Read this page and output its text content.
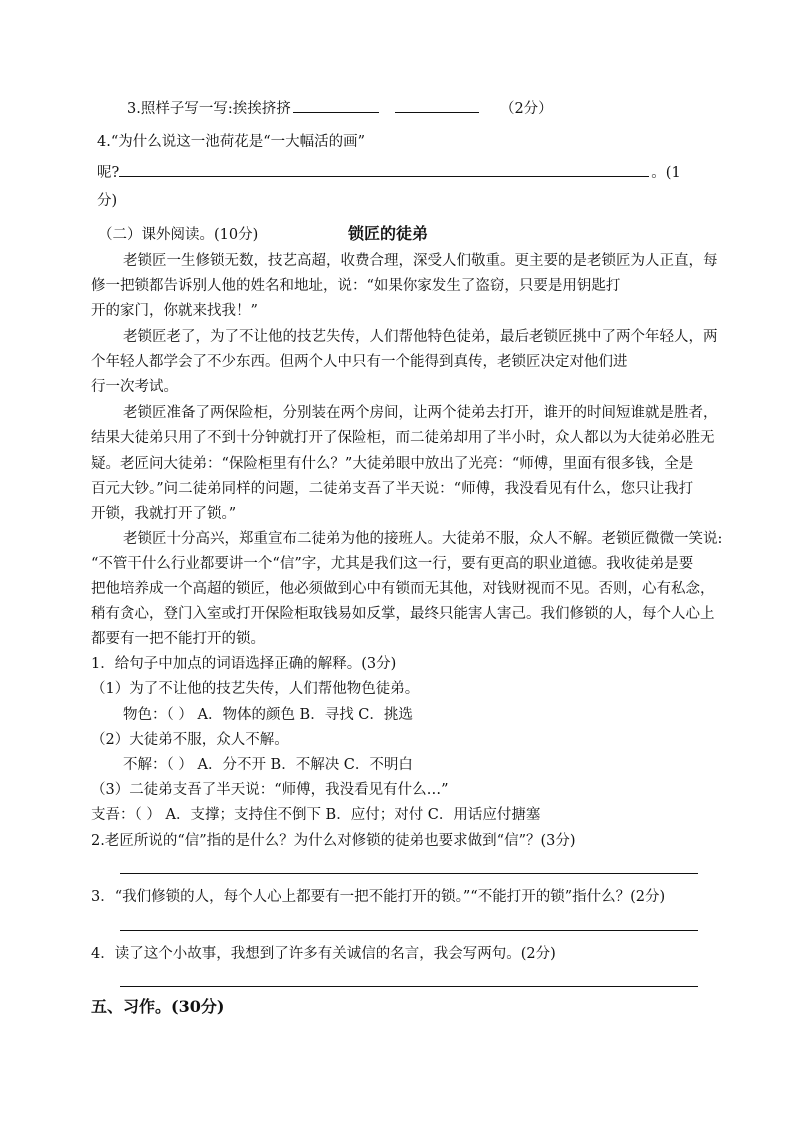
3.照样子写一写:挨挨挤挤	（2分）
4.“为什么说这一池荷花是“一大幅活的画”
呢?	。(1
分)
（二）课外阅读。(10分)	锁匠的徒弟
老锁匠一生修锁无数，技艺高超，收费合理，深受人们敬重。更主要的是老锁匠为人正直，每
修一把锁都告诉别人他的姓名和地址，说：“如果你家发生了盗窃，只要是用钥匙打
开的家门，你就来找我！”
老锁匠老了，为了不让他的技艺失传，人们帮他特色徒弟，最后老锁匠挑中了两个年轻人，两
个年轻人都学会了不少东西。但两个人中只有一个能得到真传，老锁匠决定对他们进
行一次考试。
老锁匠准备了两保险柜，分别装在两个房间，让两个徒弟去打开，谁开的时间短谁就是胜者，
结果大徒弟只用了不到十分钟就打开了保险柜，而二徒弟却用了半小时，众人都以为大徒弟必胜无
疑。老匠问大徒弟：“保险柜里有什么？”大徒弟眼中放出了光亮：“师傅，里面有很多钱，全是
百元大钞。”问二徒弟同样的问题，二徒弟支吾了半天说：“师傅，我没看见有什么，您只让我打
开锁，我就打开了锁。”
老锁匠十分高兴，郑重宣布二徒弟为他的接班人。大徒弟不服，众人不解。老锁匠微微一笑说:
“不管干什么行业都要讲一个“信”字，尤其是我们这一行，要有更高的职业道德。我收徒弟是要
把他培养成一个高超的锁匠，他必须做到心中有锁而无其他，对钱财视而不见。否则，心有私念，
稍有贪心，登门入室或打开保险柜取钱易如反掌，最终只能害人害己。我们修锁的人，每个人心上
都要有一把不能打开的锁。
1．给句子中加点的词语选择正确的解释。(3分)
（1）为了不让他的技艺失传，人们帮他物色徒弟。
物色：（ ） A．物体的颜色 B．寻找 C．挑选
（2）大徒弟不服，众人不解。
不解：（ ） A．分不开 B．不解决 C．不明白
（3）二徒弟支吾了半天说：“师傅，我没看见有什么…”
支吾：（ ） A．支撑；支持住不倒下 B．应付；对付 C．用话应付搪塞
2.老匠所说的“信”指的是什么？为什么对修锁的徒弟也要求做到“信”？(3分)
3．“我们修锁的人，每个人心上都要有一把不能打开的锁。”“不能打开的锁”指什么？(2分)
4．读了这个小故事，我想到了许多有关诚信的名言，我会写两句。(2分)
五、习作。(30分)
